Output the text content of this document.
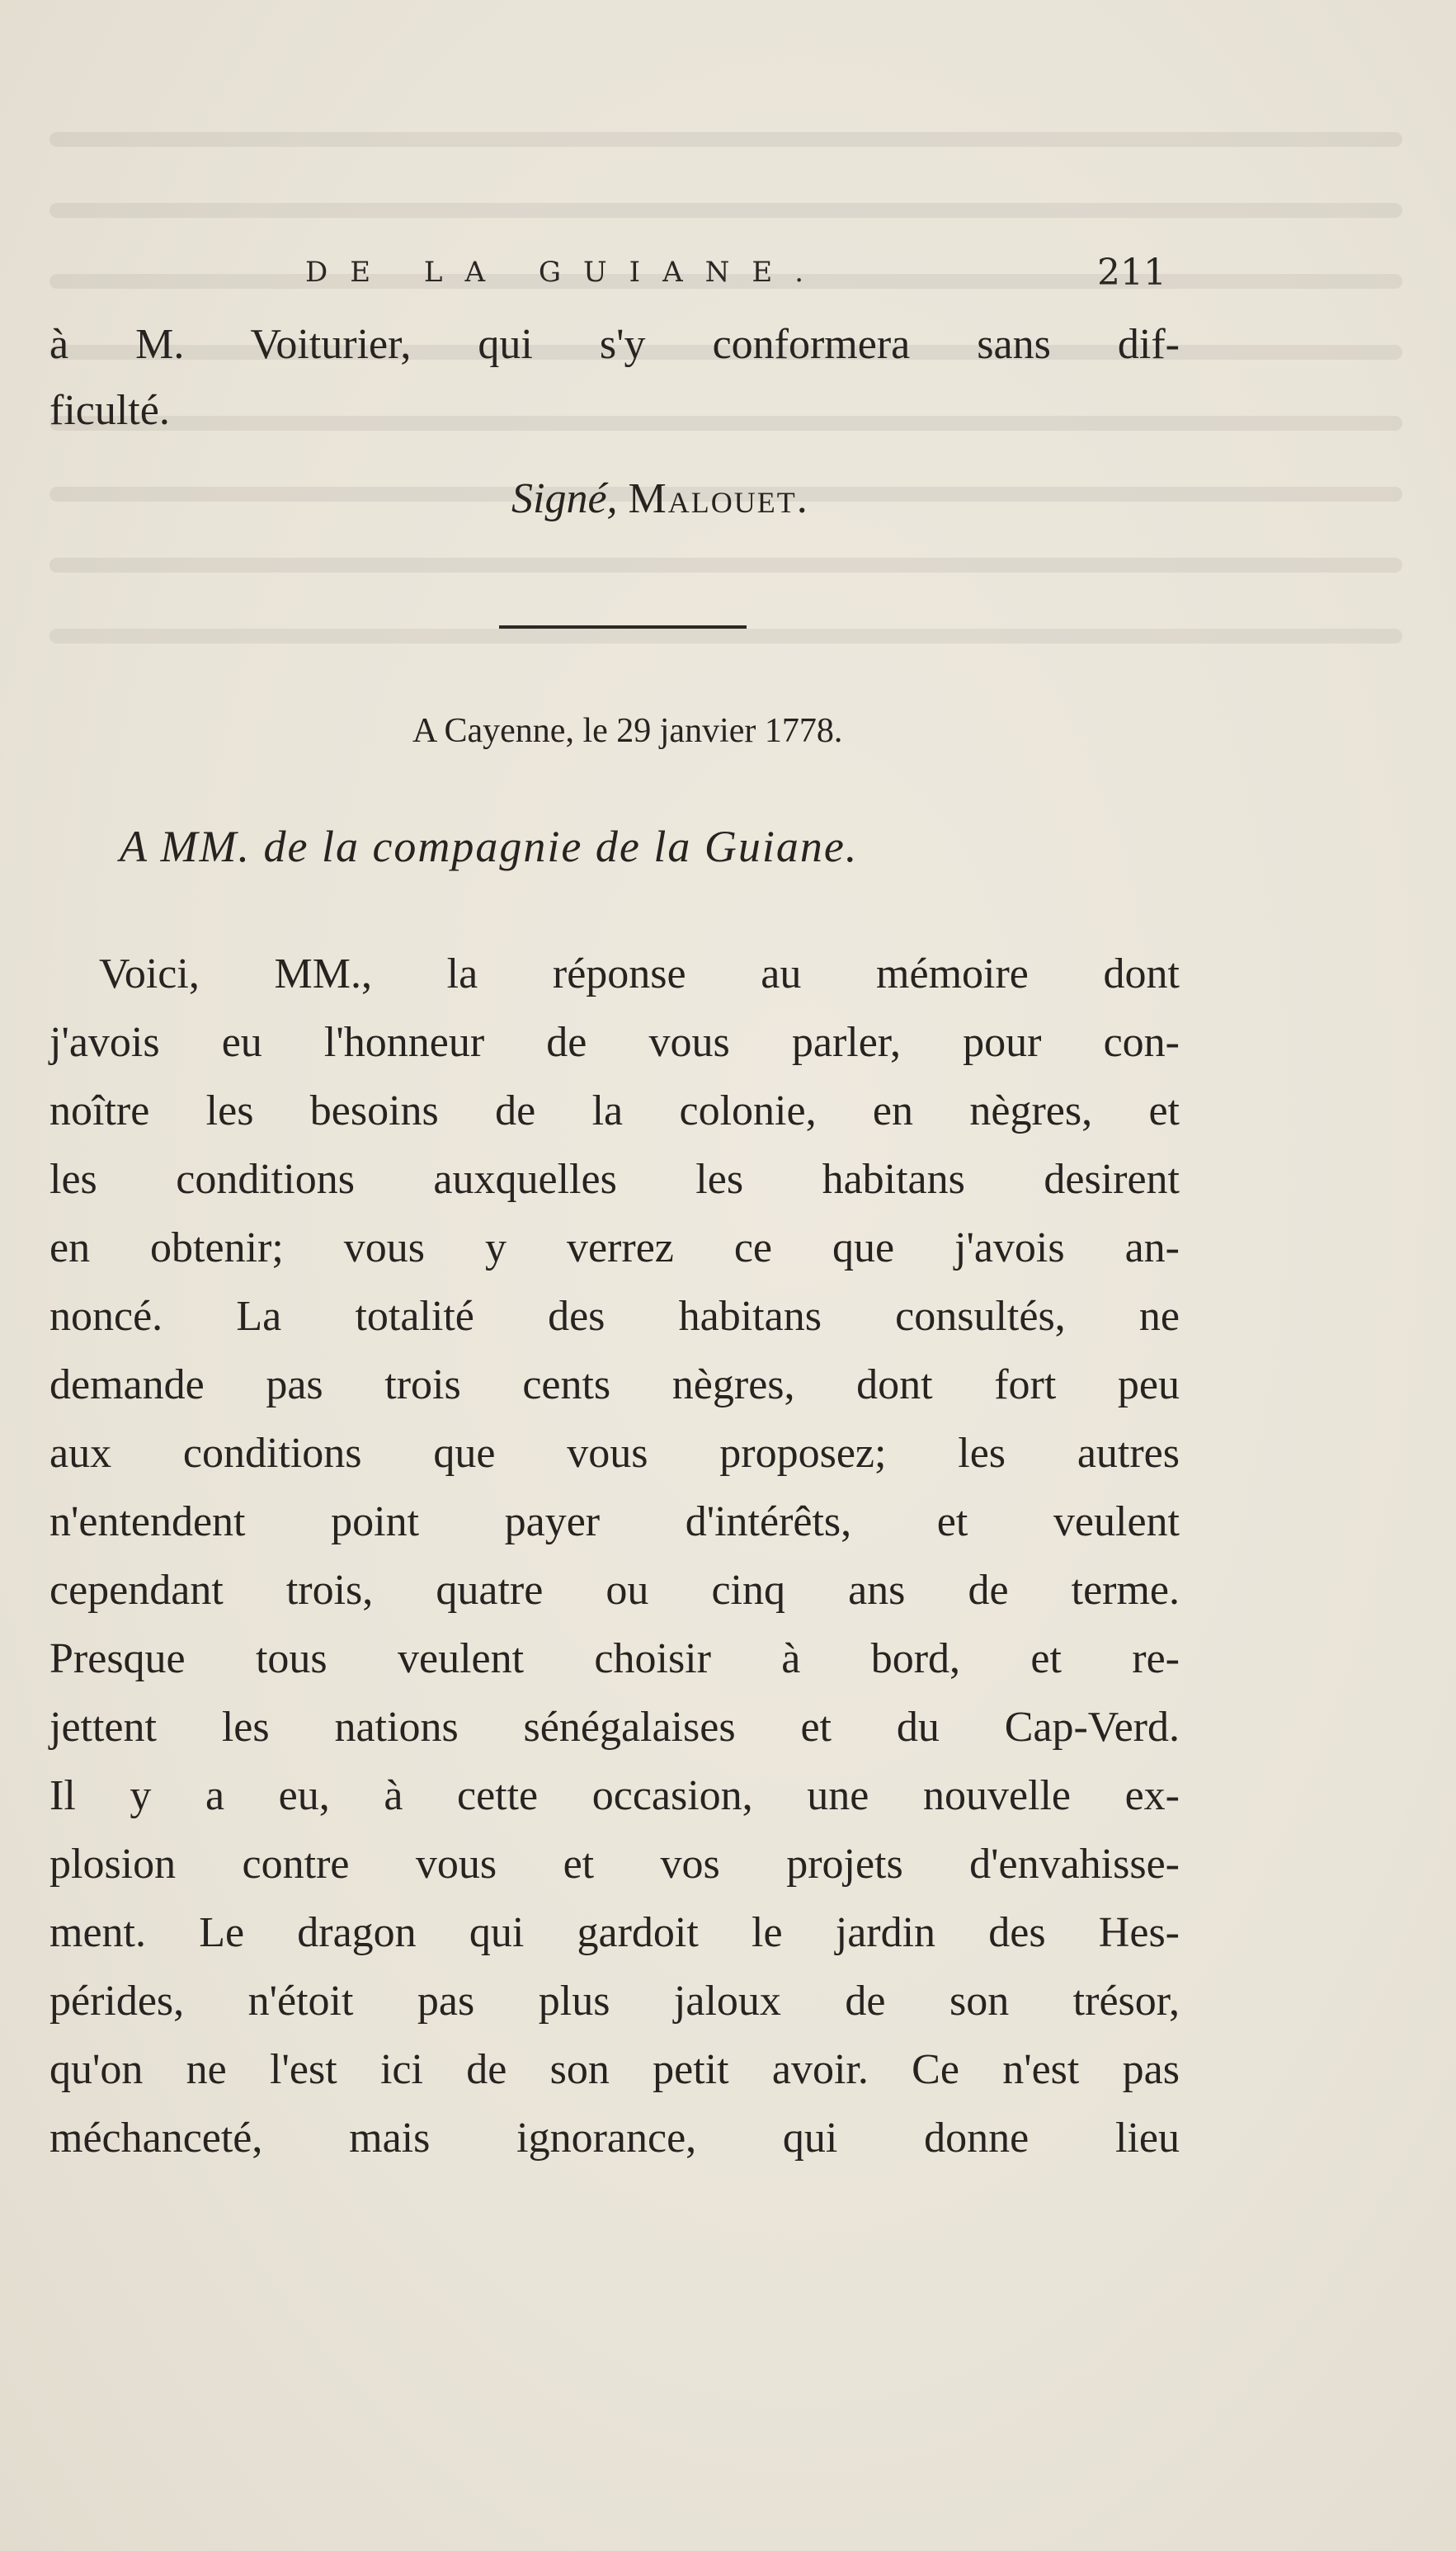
DE LA GUIANE.	211
à M. Voiturier, qui s'y conformera sans dif-
ficulté.
Signé, Malouet.
A Cayenne, le 29 janvier 1778.
A MM. de la compagnie de la Guiane.
Voici, MM., la réponse au mémoire dont
j'avois eu l'honneur de vous parler, pour con-
noître les besoins de la colonie, en nègres, et
les conditions auxquelles les habitans desirent
en obtenir; vous y verrez ce que j'avois an-
noncé. La totalité des habitans consultés, ne
demande pas trois cents nègres, dont fort peu
aux conditions que vous proposez; les autres
n'entendent point payer d'intérêts, et veulent
cependant trois, quatre ou cinq ans de terme.
Presque tous veulent choisir à bord, et re-
jettent les nations sénégalaises et du Cap-Verd.
Il y a eu, à cette occasion, une nouvelle ex-
plosion contre vous et vos projets d'envahisse-
ment. Le dragon qui gardoit le jardin des Hes-
pérides, n'étoit pas plus jaloux de son trésor,
qu'on ne l'est ici de son petit avoir. Ce n'est pas
méchanceté, mais ignorance, qui donne lieu
